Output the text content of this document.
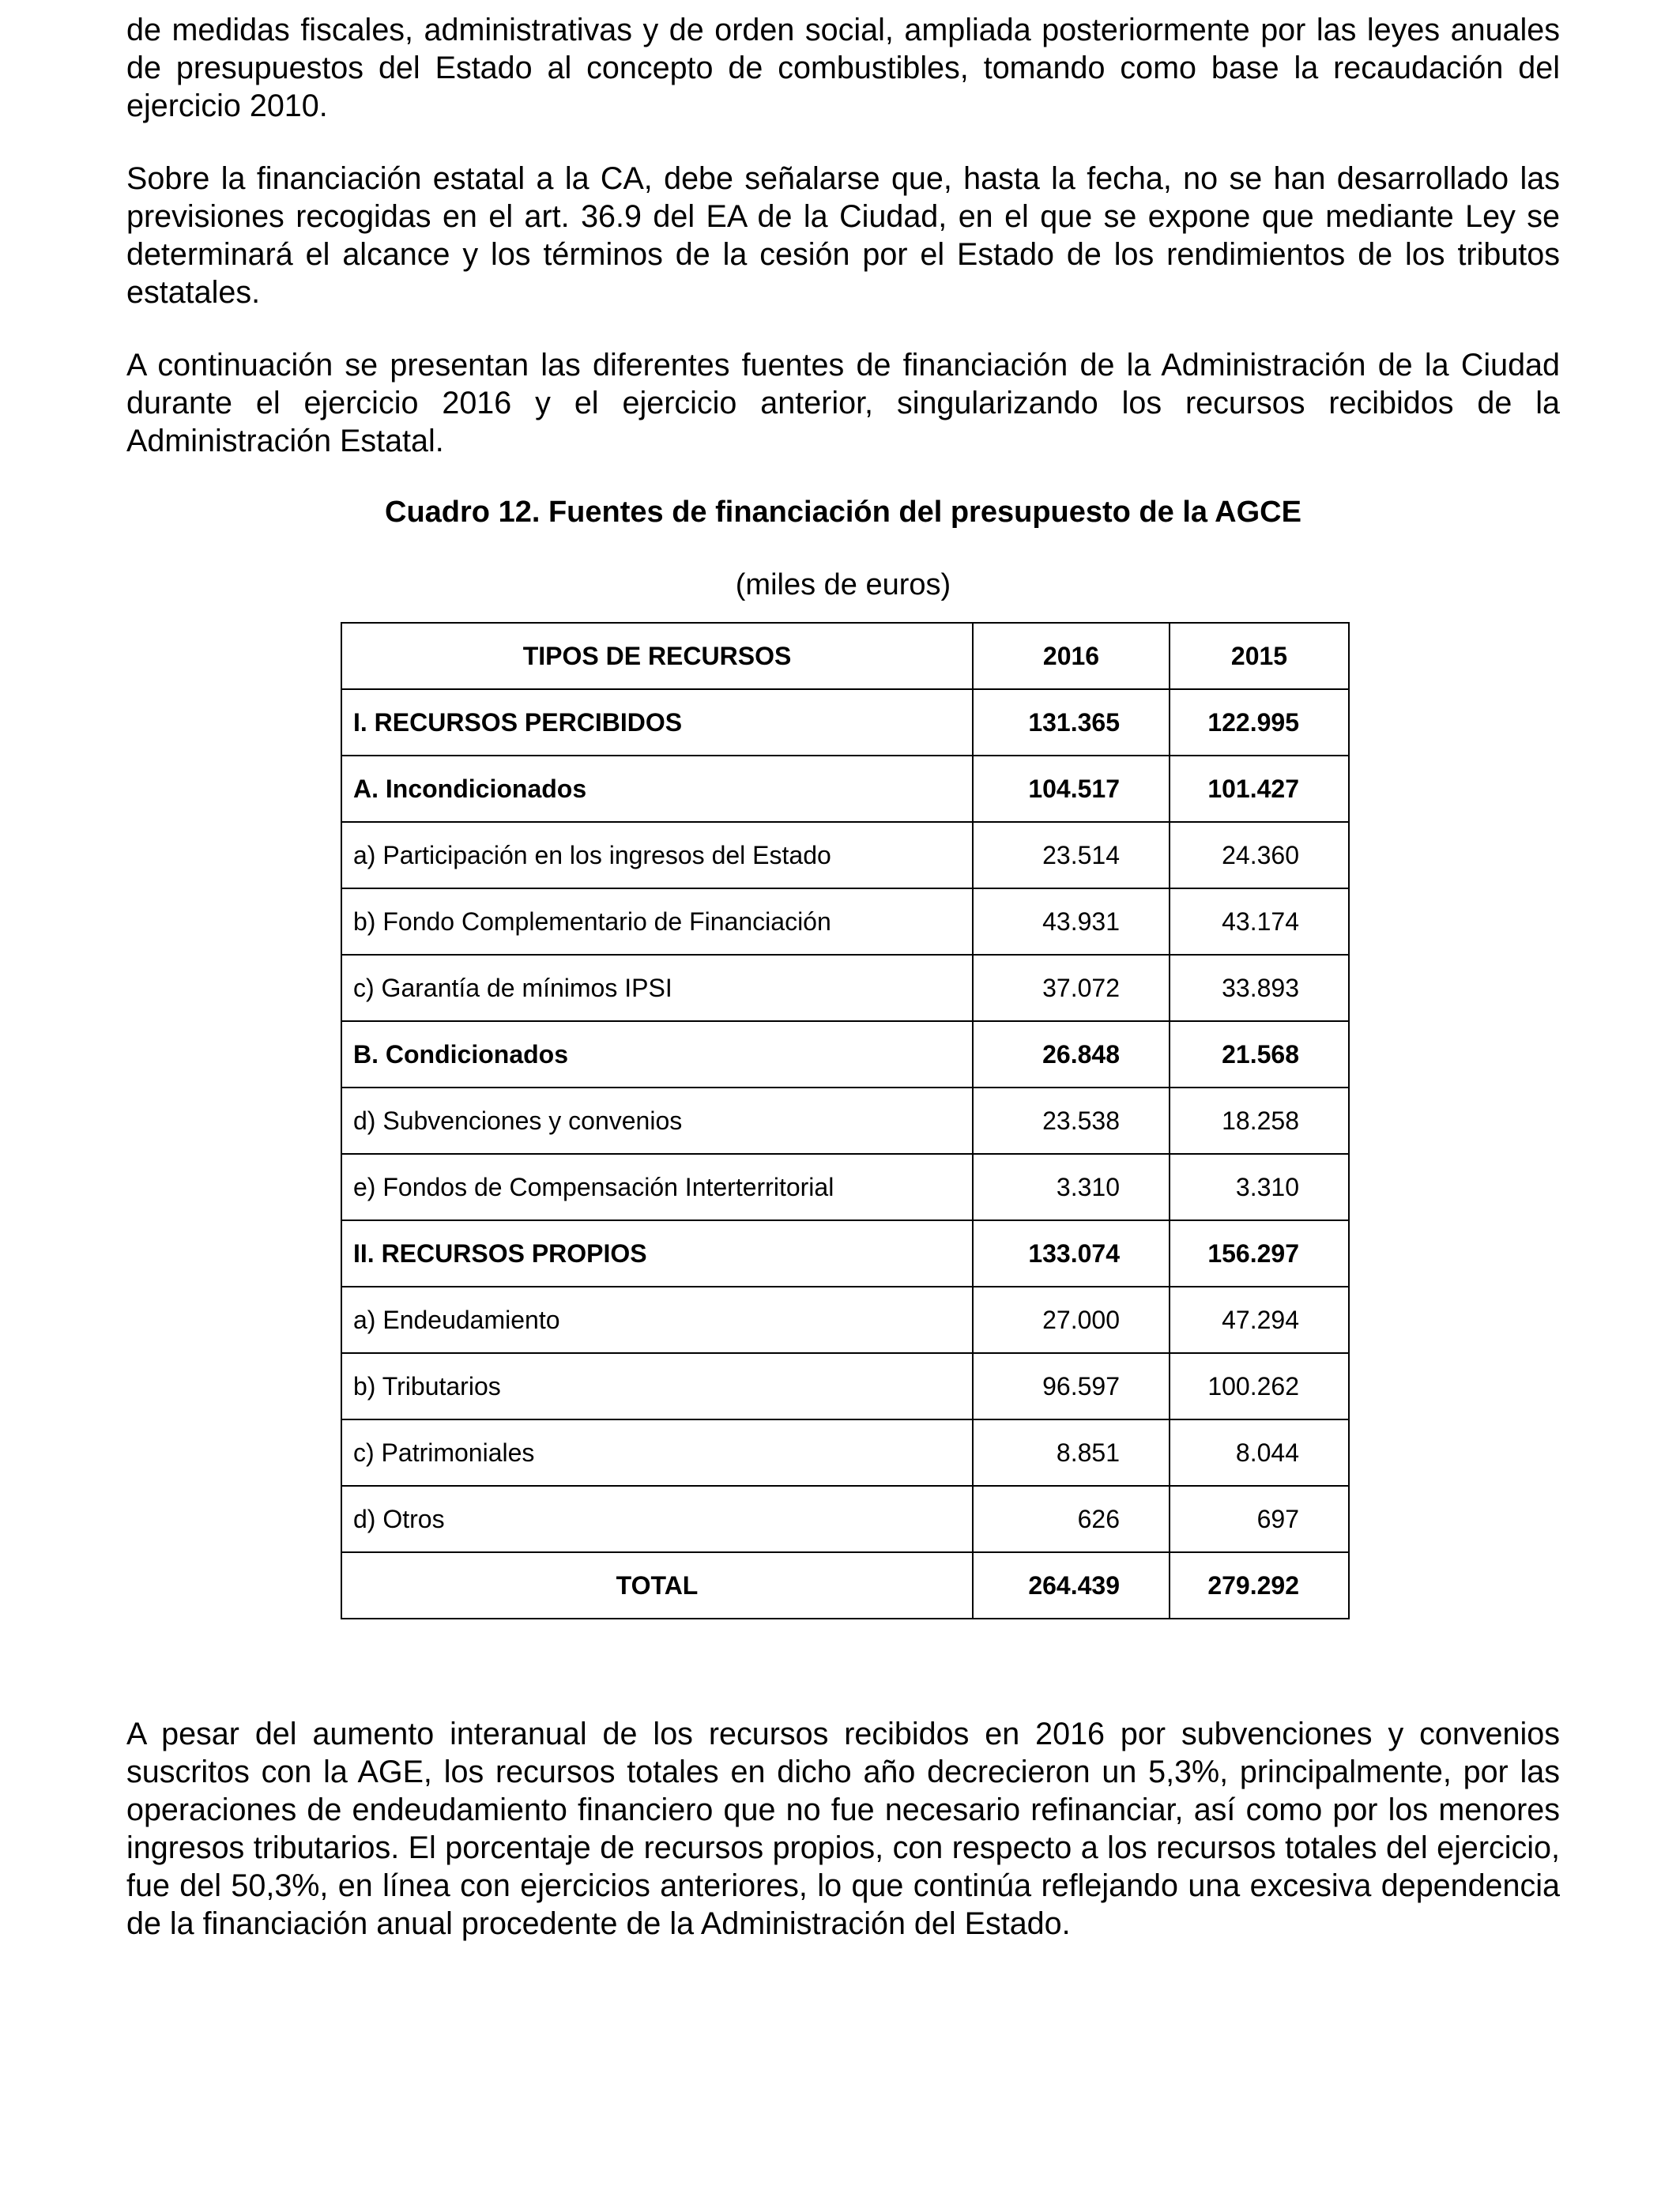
de medidas fiscales, administrativas y de orden social, ampliada posteriormente por las leyes anuales de presupuestos del Estado al concepto de combustibles, tomando como base la recaudación del ejercicio 2010.

Sobre la financiación estatal a la CA, debe señalarse que, hasta la fecha, no se han desarrollado las previsiones recogidas en el art. 36.9 del EA de la Ciudad, en el que se expone que mediante Ley se determinará el alcance y los términos de la cesión por el Estado de los rendimientos de los tributos estatales.

A continuación se presentan las diferentes fuentes de financiación de la Administración de la Ciudad durante el ejercicio 2016 y el ejercicio anterior, singularizando los recursos recibidos de la Administración Estatal.

Cuadro 12. Fuentes de financiación del presupuesto de la AGCE
(miles de euros)
TIPOS DE RECURSOS	2016	2015
I. RECURSOS PERCIBIDOS	131.365	122.995
A. Incondicionados	104.517	101.427
a) Participación en los ingresos del Estado	23.514	24.360
b) Fondo Complementario de Financiación	43.931	43.174
c) Garantía de mínimos IPSI	37.072	33.893
B. Condicionados	26.848	21.568
d) Subvenciones y convenios	23.538	18.258
e) Fondos de Compensación Interterritorial	3.310	3.310
II. RECURSOS PROPIOS	133.074	156.297
a) Endeudamiento	27.000	47.294
b) Tributarios	96.597	100.262
c) Patrimoniales	8.851	8.044
d) Otros	626	697
TOTAL	264.439	279.292

A pesar del aumento interanual de los recursos recibidos en 2016 por subvenciones y convenios suscritos con la AGE, los recursos totales en dicho año decrecieron un 5,3%, principalmente, por las operaciones de endeudamiento financiero que no fue necesario refinanciar, así como por los menores ingresos tributarios. El porcentaje de recursos propios, con respecto a los recursos totales del ejercicio, fue del 50,3%, en línea con ejercicios anteriores, lo que continúa reflejando una excesiva dependencia de la financiación anual procedente de la Administración del Estado.
